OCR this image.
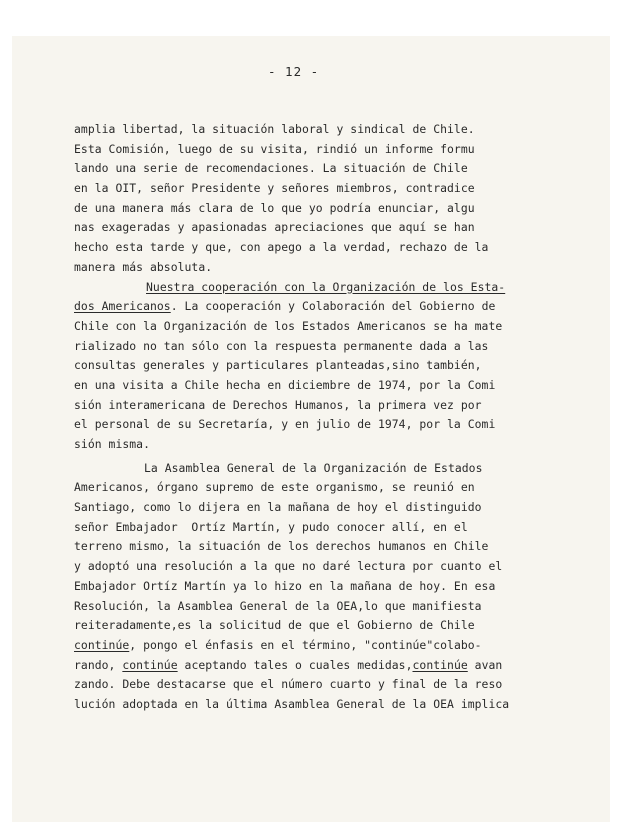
- 12 -
amplia libertad, la situación laboral y sindical de Chile.
Esta Comisión, luego de su visita, rindió un informe formu
lando una serie de recomendaciones. La situación de Chile
en la OIT, señor Presidente y señores miembros, contradice
de una manera más clara de lo que yo podría enunciar, algu
nas exageradas y apasionadas apreciaciones que aquí se han
hecho esta tarde y que, con apego a la verdad, rechazo de la
manera más absoluta.
Nuestra cooperación con la Organización de los Esta-
dos Americanos. La cooperación y Colaboración del Gobierno de
Chile con la Organización de los Estados Americanos se ha mate
rializado no tan sólo con la respuesta permanente dada a las
consultas generales y particulares planteadas,sino también,
en una visita a Chile hecha en diciembre de 1974, por la Comi
sión interamericana de Derechos Humanos, la primera vez por
el personal de su Secretaría, y en julio de 1974, por la Comi
sión misma.
La Asamblea General de la Organización de Estados
Americanos, órgano supremo de este organismo, se reunió en
Santiago, como lo dijera en la mañana de hoy el distinguido
señor Embajador  Ortíz Martín, y pudo conocer allí, en el
terreno mismo, la situación de los derechos humanos en Chile
y adoptó una resolución a la que no daré lectura por cuanto el
Embajador Ortíz Martín ya lo hizo en la mañana de hoy. En esa
Resolución, la Asamblea General de la OEA,lo que manifiesta
reiteradamente,es la solicitud de que el Gobierno de Chile
continúe, pongo el énfasis en el término, "continúe"colabo-
rando, continúe aceptando tales o cuales medidas,continúe avan
zando. Debe destacarse que el número cuarto y final de la reso
lución adoptada en la última Asamblea General de la OEA implica
